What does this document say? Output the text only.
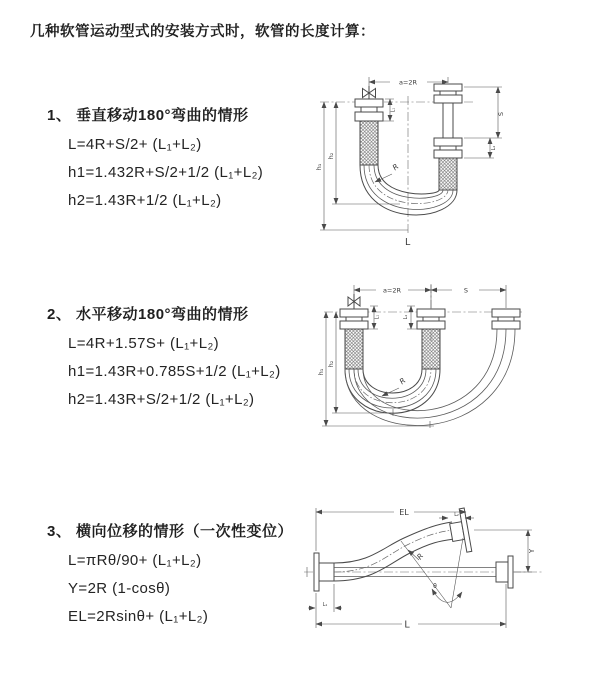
几种软管运动型式的安装方式时，软管的长度计算：

1、 垂直移动180°弯曲的情形

L=4R+S/2+ (L₁+L₂)

h1=1.432R+S/2+1/2 (L₁+L₂)

h2=1.43R+1/2 (L₁+L₂)

a=2R
h₁
h₂
L₁
S
L₂
R
L

2、 水平移动180°弯曲的情形

L=4R+1.57S+ (L₁+L₂)

h1=1.43R+0.785S+1/2 (L₁+L₂)

h2=1.43R+S/2+1/2 (L₁+L₂)

a=2R	S
h₁
h₂
L₁	L₂
R

3、 横向位移的情形（一次性变位）

L=πRθ/90+ (L₁+L₂)

Y=2R (1-cosθ)

EL=2Rsinθ+ (L₁+L₂)

θ
R
EL	L₂
Y
L
L₁
